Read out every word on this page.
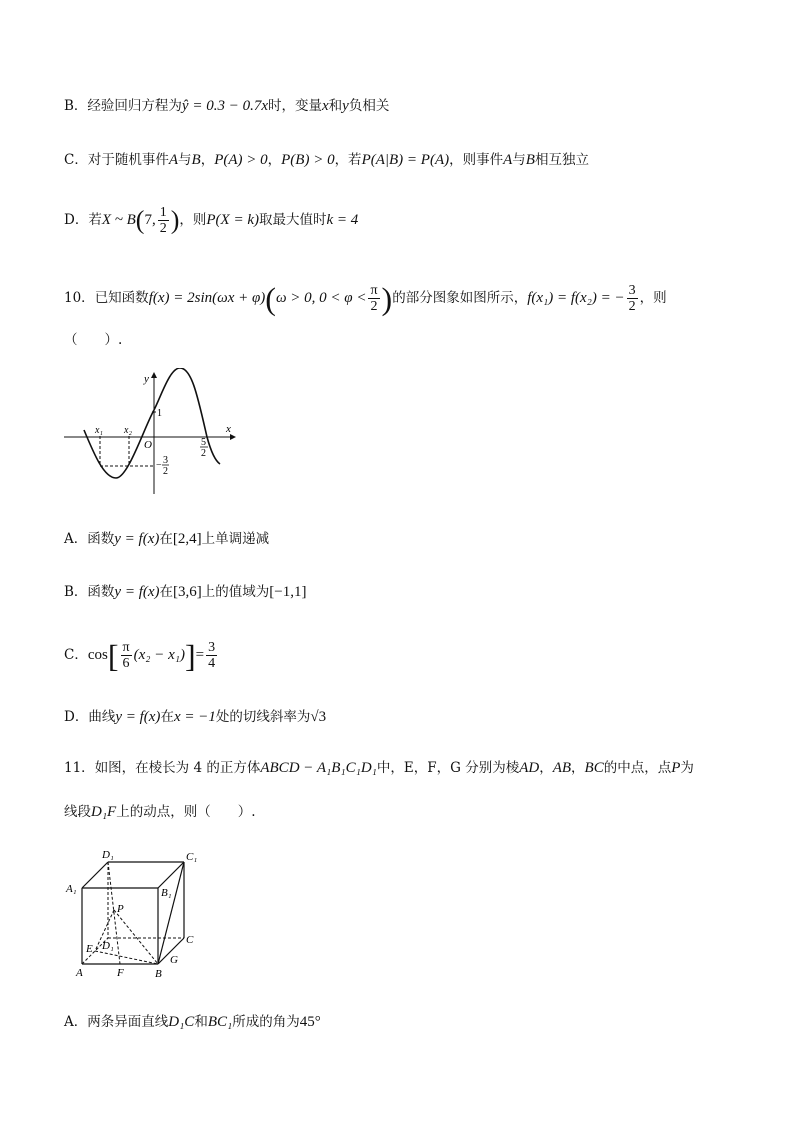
B．经验回归方程为ŷ = 0.3 − 0.7x时，变量x和y负相关
C．对于随机事件A与B，P(A) > 0，P(B) > 0，若P(A|B) = P(A)，则事件A与B相互独立
D．若X ~ B(7, $\frac{1}{2}$ )，则P(X = k)取最大值时k = 4
10．已知函数f(x) = 2sin(ωx + φ)(ω > 0, $0 < \varphi < \frac{\pi}{2}$ )的部分图象如图所示，f(x₁) = f(x₂) = − $\frac{3}{2}$ ，则
（　　）.
y
x
O
1
x₁ x₂
5
2
− 3
2
A．函数y = f(x)在[2,4]上单调递减
B．函数y = f(x)在[3,6]上的值域为[−1,1]
C．$\cos[ \frac{\pi}{6} (x_2 - x_1)]= \frac{3}{4}$
D．曲线y = f(x)在x = −1处的切线斜率为√3
11．如图，在棱长为 4 的正方体ABCD − A₁B₁C₁D₁中，E，F，G 分别为棱AD，AB，BC的中点，点P为
线段D₁F上的动点，则（　　）.
D₁	C₁
A₁	B₁
P
C
E D₁
A	F	B
G
A．两条异面直线D₁C和BC₁所成的角为45°
